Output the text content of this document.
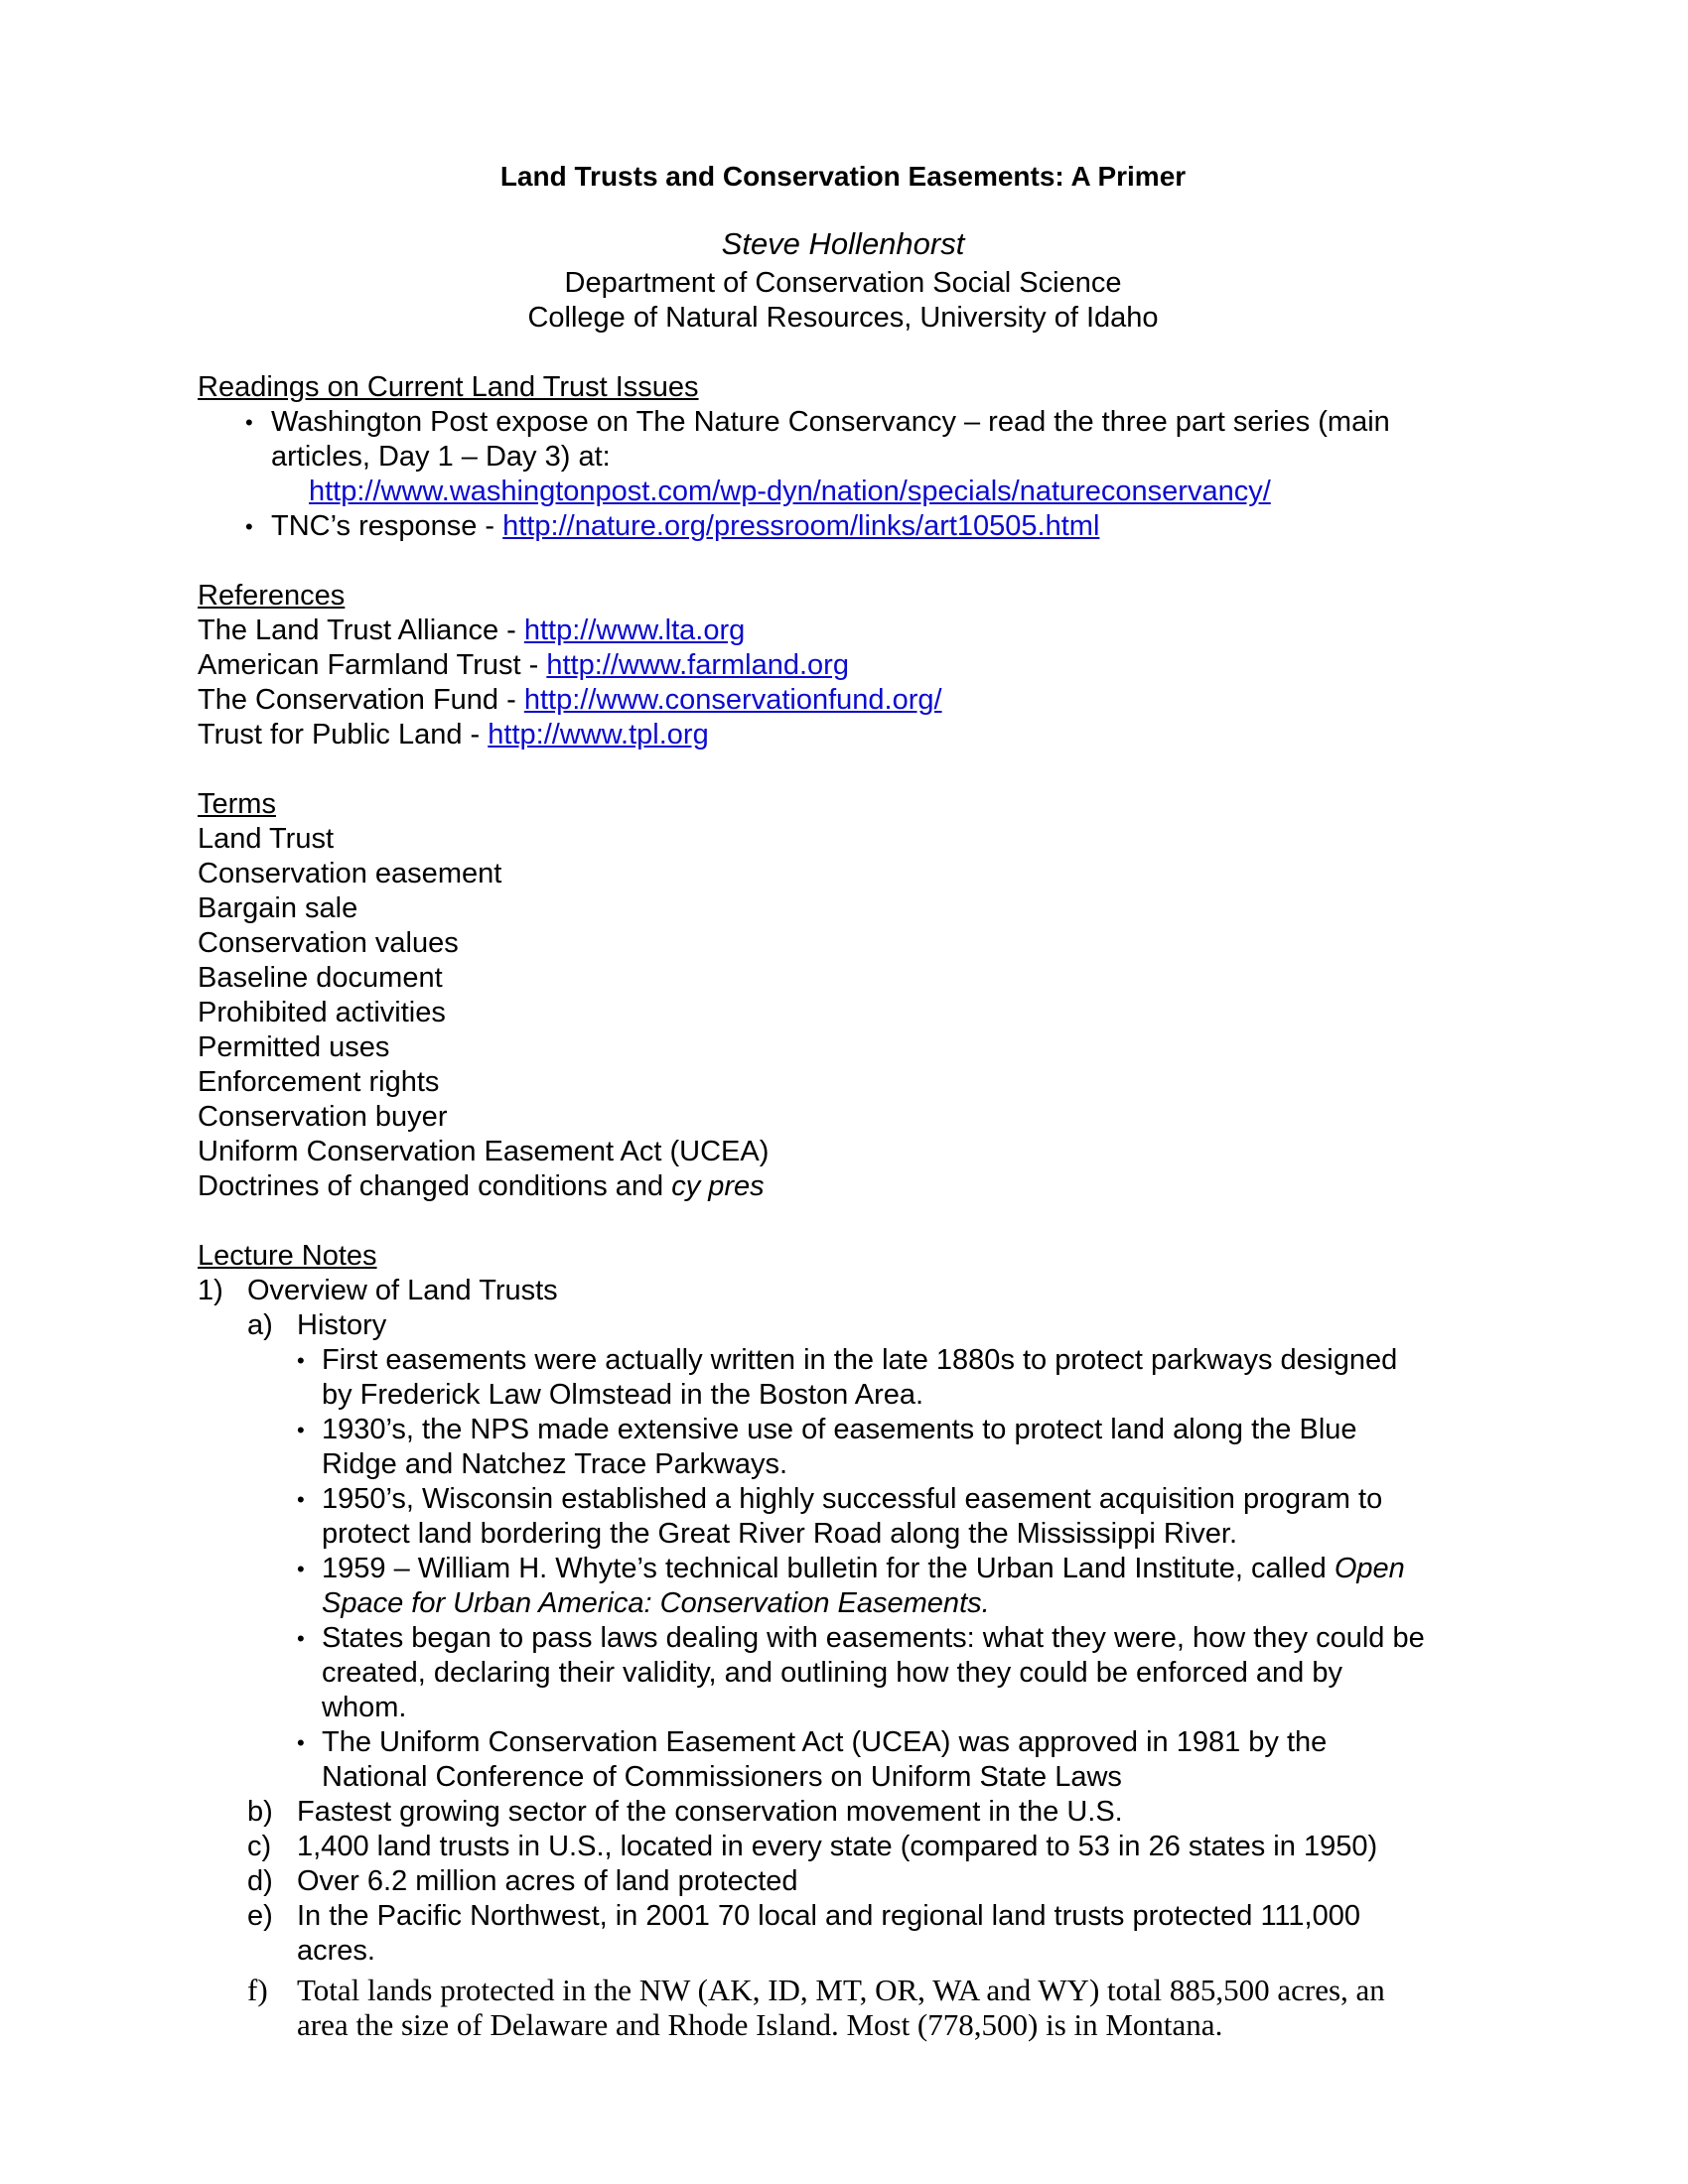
Land Trusts and Conservation Easements: A Primer
Steve Hollenhorst
Department of Conservation Social Science
College of Natural Resources, University of Idaho
Readings on Current Land Trust Issues
• Washington Post expose on The Nature Conservancy – read the three part series (main
articles, Day 1 – Day 3) at:
http://www.washingtonpost.com/wp-dyn/nation/specials/natureconservancy/
• TNC’s response - http://nature.org/pressroom/links/art10505.html
References
The Land Trust Alliance - http://www.lta.org
American Farmland Trust - http://www.farmland.org
The Conservation Fund - http://www.conservationfund.org/
Trust for Public Land - http://www.tpl.org
Terms
Land Trust
Conservation easement
Bargain sale
Conservation values
Baseline document
Prohibited activities
Permitted uses
Enforcement rights
Conservation buyer
Uniform Conservation Easement Act (UCEA)
Doctrines of changed conditions and cy pres
Lecture Notes
1) Overview of Land Trusts
a) History
• First easements were actually written in the late 1880s to protect parkways designed
by Frederick Law Olmstead in the Boston Area.
• 1930’s, the NPS made extensive use of easements to protect land along the Blue
Ridge and Natchez Trace Parkways.
• 1950’s, Wisconsin established a highly successful easement acquisition program to
protect land bordering the Great River Road along the Mississippi River.
• 1959 – William H. Whyte’s technical bulletin for the Urban Land Institute, called Open
Space for Urban America: Conservation Easements.
• States began to pass laws dealing with easements: what they were, how they could be
created, declaring their validity, and outlining how they could be enforced and by
whom.
• The Uniform Conservation Easement Act (UCEA) was approved in 1981 by the
National Conference of Commissioners on Uniform State Laws
b) Fastest growing sector of the conservation movement in the U.S.
c) 1,400 land trusts in U.S., located in every state (compared to 53 in 26 states in 1950)
d) Over 6.2 million acres of land protected
e) In the Pacific Northwest, in 2001 70 local and regional land trusts protected 111,000
acres.
f) Total lands protected in the NW (AK, ID, MT, OR, WA and WY) total 885,500 acres, an
area the size of Delaware and Rhode Island. Most (778,500) is in Montana.
